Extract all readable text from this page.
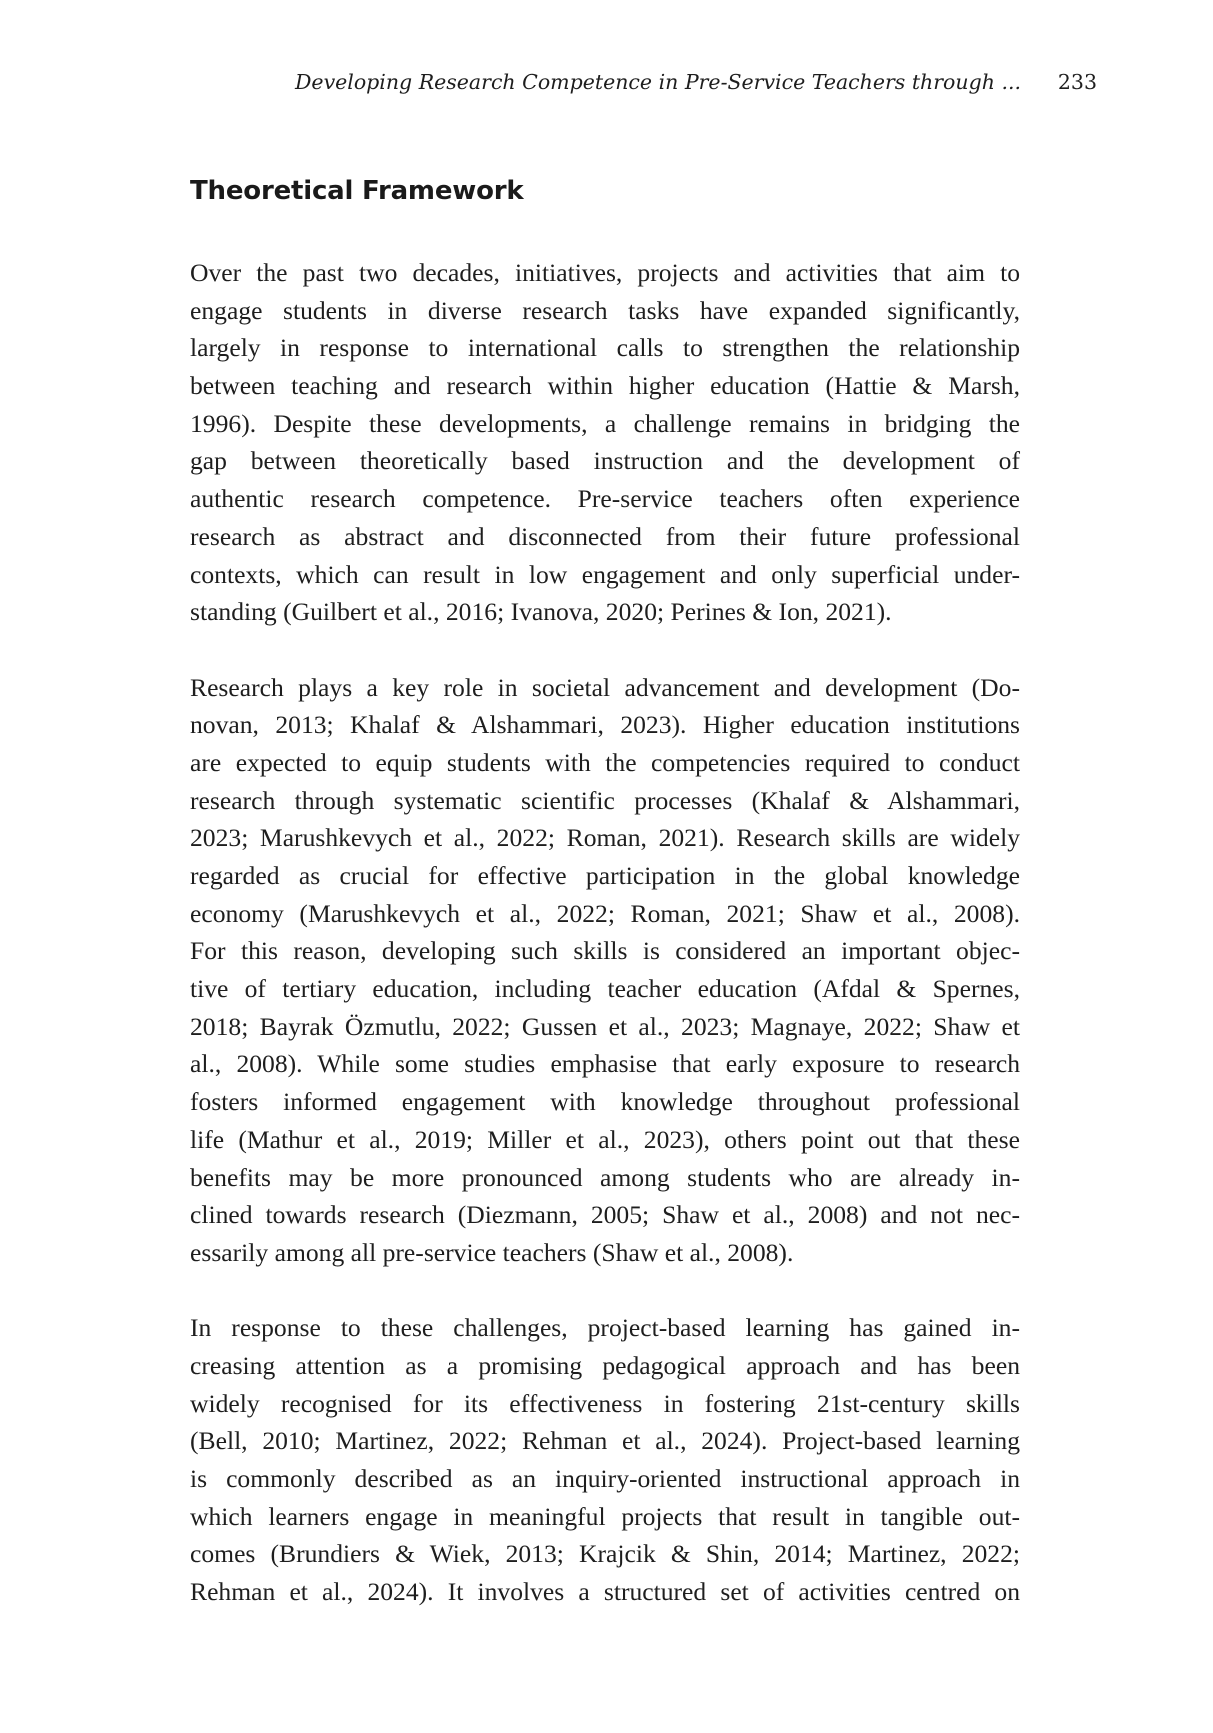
Developing Research Competence in Pre-Service Teachers through ... 233
Theoretical Framework

Over the past two decades, initiatives, projects and activities that aim to
engage students in diverse research tasks have expanded significantly,
largely in response to international calls to strengthen the relationship
between teaching and research within higher education (Hattie & Marsh,
1996). Despite these developments, a challenge remains in bridging the
gap between theoretically based instruction and the development of
authentic research competence. Pre-service teachers often experience
research as abstract and disconnected from their future professional
contexts, which can result in low engagement and only superficial under-
standing (Guilbert et al., 2016; Ivanova, 2020; Perines & Ion, 2021).

Research plays a key role in societal advancement and development (Do-
novan, 2013; Khalaf & Alshammari, 2023). Higher education institutions
are expected to equip students with the competencies required to conduct
research through systematic scientific processes (Khalaf & Alshammari,
2023; Marushkevych et al., 2022; Roman, 2021). Research skills are widely
regarded as crucial for effective participation in the global knowledge
economy (Marushkevych et al., 2022; Roman, 2021; Shaw et al., 2008).
For this reason, developing such skills is considered an important objec-
tive of tertiary education, including teacher education (Afdal & Spernes,
2018; Bayrak Özmutlu, 2022; Gussen et al., 2023; Magnaye, 2022; Shaw et
al., 2008). While some studies emphasise that early exposure to research
fosters informed engagement with knowledge throughout professional
life (Mathur et al., 2019; Miller et al., 2023), others point out that these
benefits may be more pronounced among students who are already in-
clined towards research (Diezmann, 2005; Shaw et al., 2008) and not nec-
essarily among all pre-service teachers (Shaw et al., 2008).

In response to these challenges, project-based learning has gained in-
creasing attention as a promising pedagogical approach and has been
widely recognised for its effectiveness in fostering 21st-century skills
(Bell, 2010; Martinez, 2022; Rehman et al., 2024). Project-based learning
is commonly described as an inquiry-oriented instructional approach in
which learners engage in meaningful projects that result in tangible out-
comes (Brundiers & Wiek, 2013; Krajcik & Shin, 2014; Martinez, 2022;
Rehman et al., 2024). It involves a structured set of activities centred on
